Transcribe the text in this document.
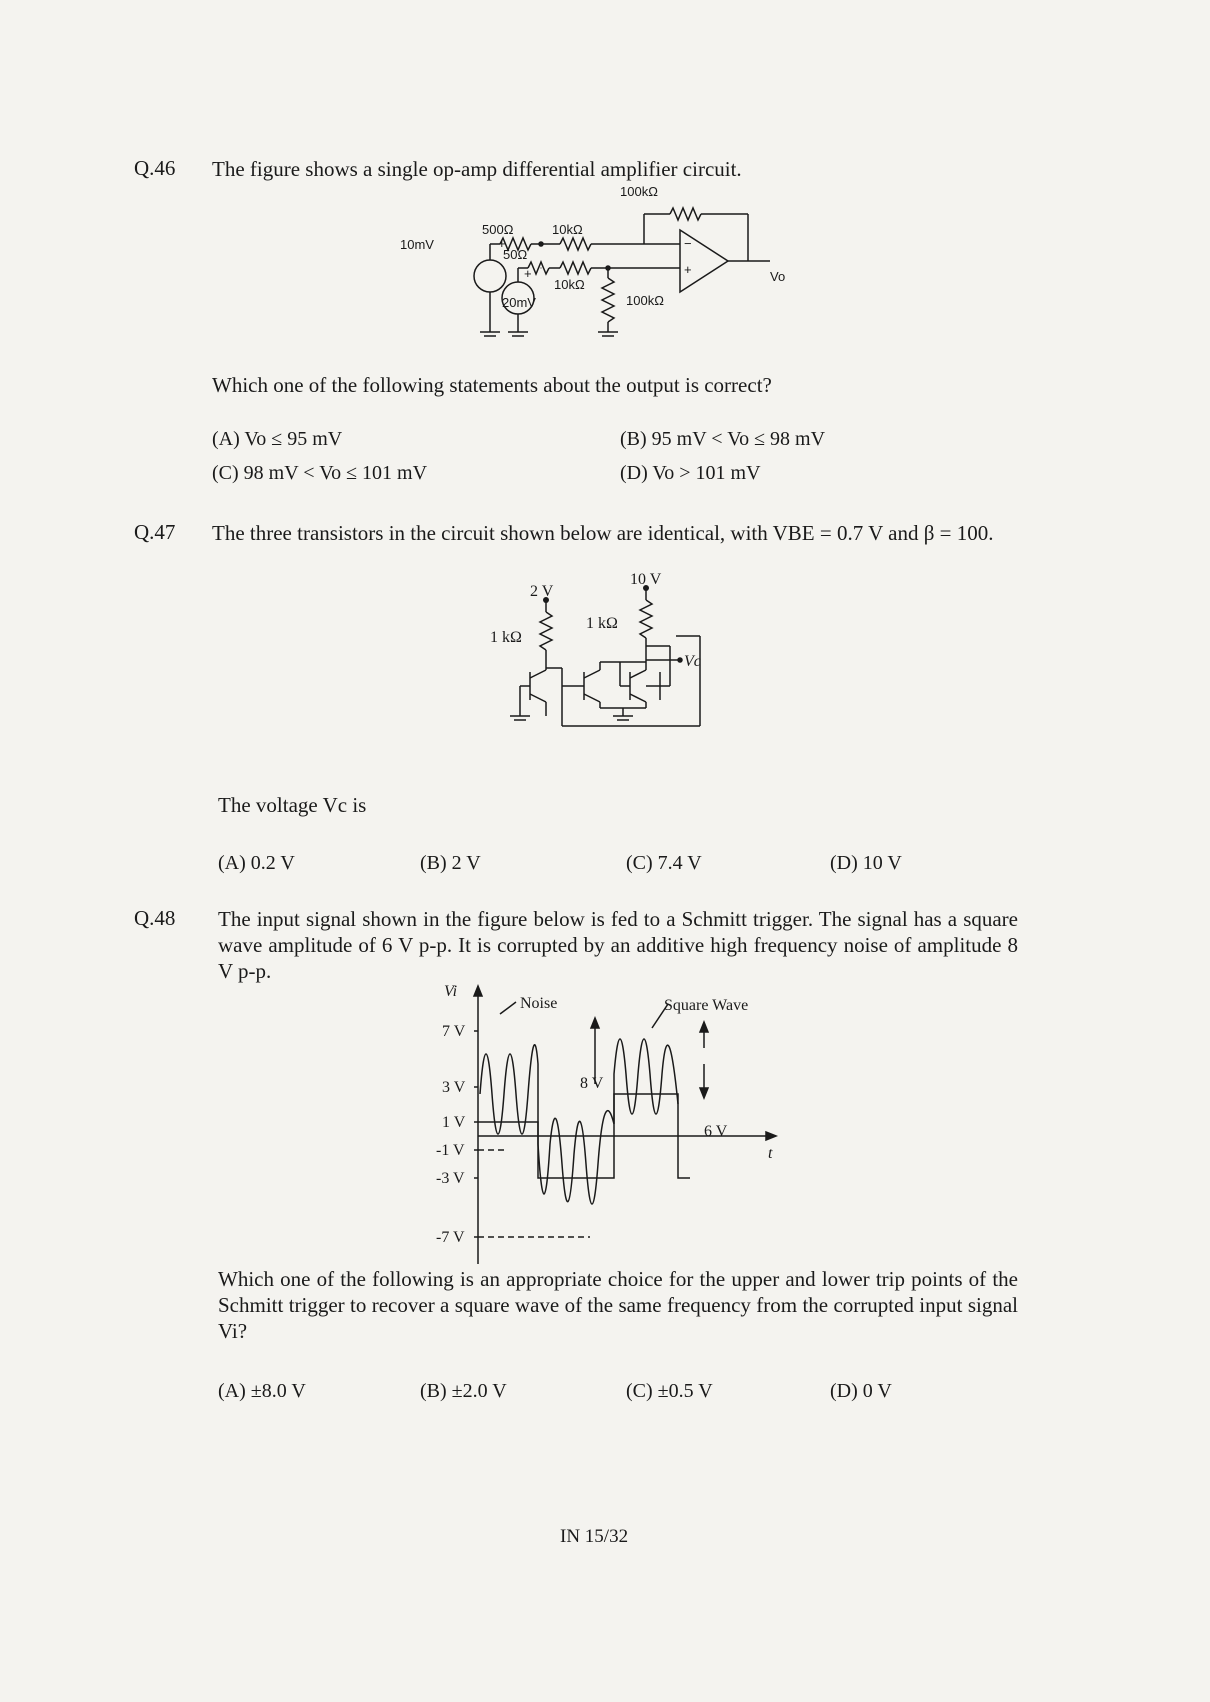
Q.46 The figure shows a single op-amp differential amplifier circuit.
100kΩ
500Ω	10kΩ
50Ω
10kΩ
100kΩ
10mV
20mV
Vo
+
+
−
+
Which one of the following statements about the output is correct?
(A) Vo ≤ 95 mV	(B) 95 mV < Vo ≤ 98 mV
(C) 98 mV < Vo ≤ 101 mV	(D) Vo > 101 mV
Q.47 The three transistors in the circuit shown below are identical, with VBE = 0.7 V and β = 100.
2 V
10 V
1 kΩ
1 kΩ
Vc
The voltage Vc is
(A) 0.2 V	(B) 2 V	(C) 7.4 V	(D) 10 V
Q.48 The input signal shown in the figure below is fed to a Schmitt trigger. The signal has a square wave amplitude of 6 V p-p. It is corrupted by an additive high frequency noise of amplitude 8 V p-p.
7 V
3 V
1 V
-1 V
-3 V
-7 V
Vi
t
Noise	Square Wave
8 V
6 V
Which one of the following is an appropriate choice for the upper and lower trip points of the Schmitt trigger to recover a square wave of the same frequency from the corrupted input signal Vi?
(A) ±8.0 V	(B) ±2.0 V	(C) ±0.5 V	(D) 0 V
IN 15/32
